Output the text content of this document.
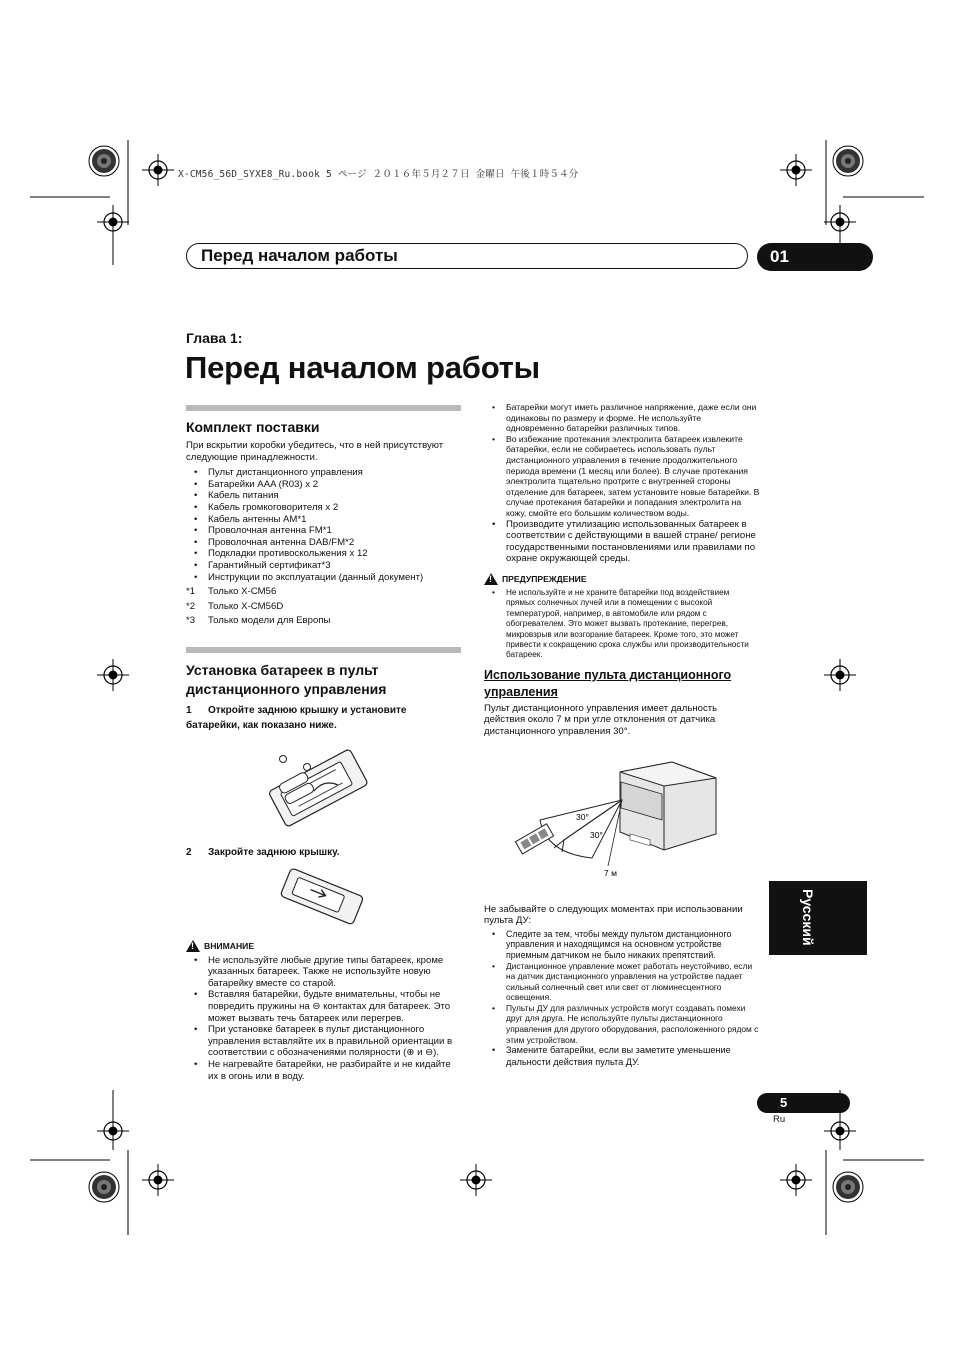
X-CM56_56D_SYXE8_Ru.book 5 ページ ２０１６年５月２７日 金曜日 午後１時５４分
Перед началом работы	01
Глава 1:
Перед началом работы
Комплект поставки
При вскрытии коробки убедитесь, что в ней присутствуют следующие принадлежности.
• Пульт дистанционного управления
• Батарейки AAA (R03) x 2
• Кабель питания
• Кабель громкоговорителя x 2
• Кабель антенны AM*1
• Проволочная антенна FM*1
• Проволочная антенна DAB/FM*2
• Подкладки противоскольжения x 12
• Гарантийный сертификат*3
• Инструкции по эксплуатации (данный документ)
*1	Только X-CM56
*2	Только X-CM56D
*3	Только модели для Европы
Установка батареек в пульт
дистанционного управления
1 Откройте заднюю крышку и установите
батарейки, как показано ниже.
2 Закройте заднюю крышку.
!
ВНИМАНИЕ
• Не используйте любые другие типы батареек, кроме указанных батареек. Также не используйте новую батарейку вместе со старой.
• Вставляя батарейки, будьте внимательны, чтобы не повредить пружины на ⊖ контактах для батареек. Это может вызвать течь батареек или перегрев.
• При установке батареек в пульт дистанционного управления вставляйте их в правильной ориентации в соответствии с обозначениями полярности (⊕ и ⊖).
• Не нагревайте батарейки, не разбирайте и не кидайте их в огонь или в воду.
• Батарейки могут иметь различное напряжение, даже если они одинаковы по размеру и форме. Не используйте одновременно батарейки различных типов.
• Во избежание протекания электролита батареек извлеките батарейки, если не собираетесь использовать пульт дистанционного управления в течение продолжительного периода времени (1 месяц или более). В случае протекания электролита тщательно протрите с внутренней стороны отделение для батареек, затем установите новые батарейки. В случае протекания батарейки и попадания электролита на кожу, смойте его большим количеством воды.
• Производите утилизацию использованных батареек в соответствии с действующими в вашей стране/ регионе государственными постановлениями или правилами по охране окружающей среды.
!
ПРЕДУПРЕЖДЕНИЕ
• Не используйте и не храните батарейки под воздействием прямых солнечных лучей или в помещении с высокой температурой, например, в автомобиле или рядом с обогревателем. Это может вызвать протекание, перегрев, микровзрыв или возгорание батареек. Кроме того, это может привести к сокращению срока службы или производительности батареек.
Использование пульта дистанционного
управления
Пульт дистанционного управления имеет дальность действия около 7 м при угле отклонения от датчика дистанционного управления 30°.
30°
30°
7 м
Не забывайте о следующих моментах при использовании пульта ДУ:
• Следите за тем, чтобы между пультом дистанционного управления и находящимся на основном устройстве приемным датчиком не было никаких препятствий.
• Дистанционное управление может работать неустойчиво, если на датчик дистанционного управления на устройстве падает сильный солнечный свет или свет от люминесцентного освещения.
• Пульты ДУ для различных устройств могут создавать помехи друг для друга. Не используйте пульты дистанционного управления для другого оборудования, расположенного рядом с этим устройством.
• Замените батарейки, если вы заметите уменьшение дальности действия пульта ДУ.
Русский
5
Ru
